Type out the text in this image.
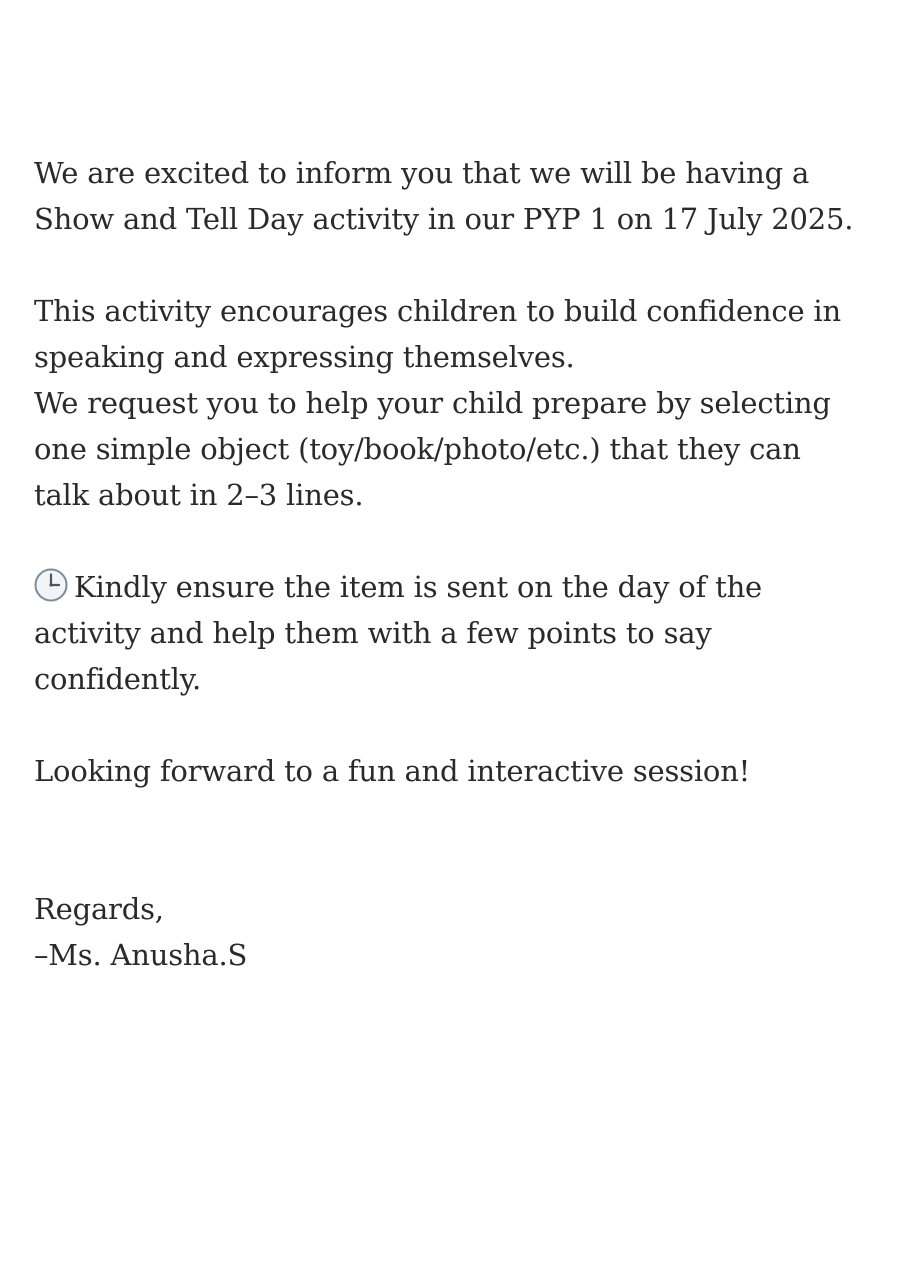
We are excited to inform you that we will be having a
Show and Tell Day activity in our PYP 1 on 17 July 2025.

This activity encourages children to build confidence in
speaking and expressing themselves.
We request you to help your child prepare by selecting
one simple object (toy/book/photo/etc.) that they can
talk about in 2–3 lines.

Kindly ensure the item is sent on the day of the
activity and help them with a few points to say
confidently.

Looking forward to a fun and interactive session!

Regards,
–Ms. Anusha.S
